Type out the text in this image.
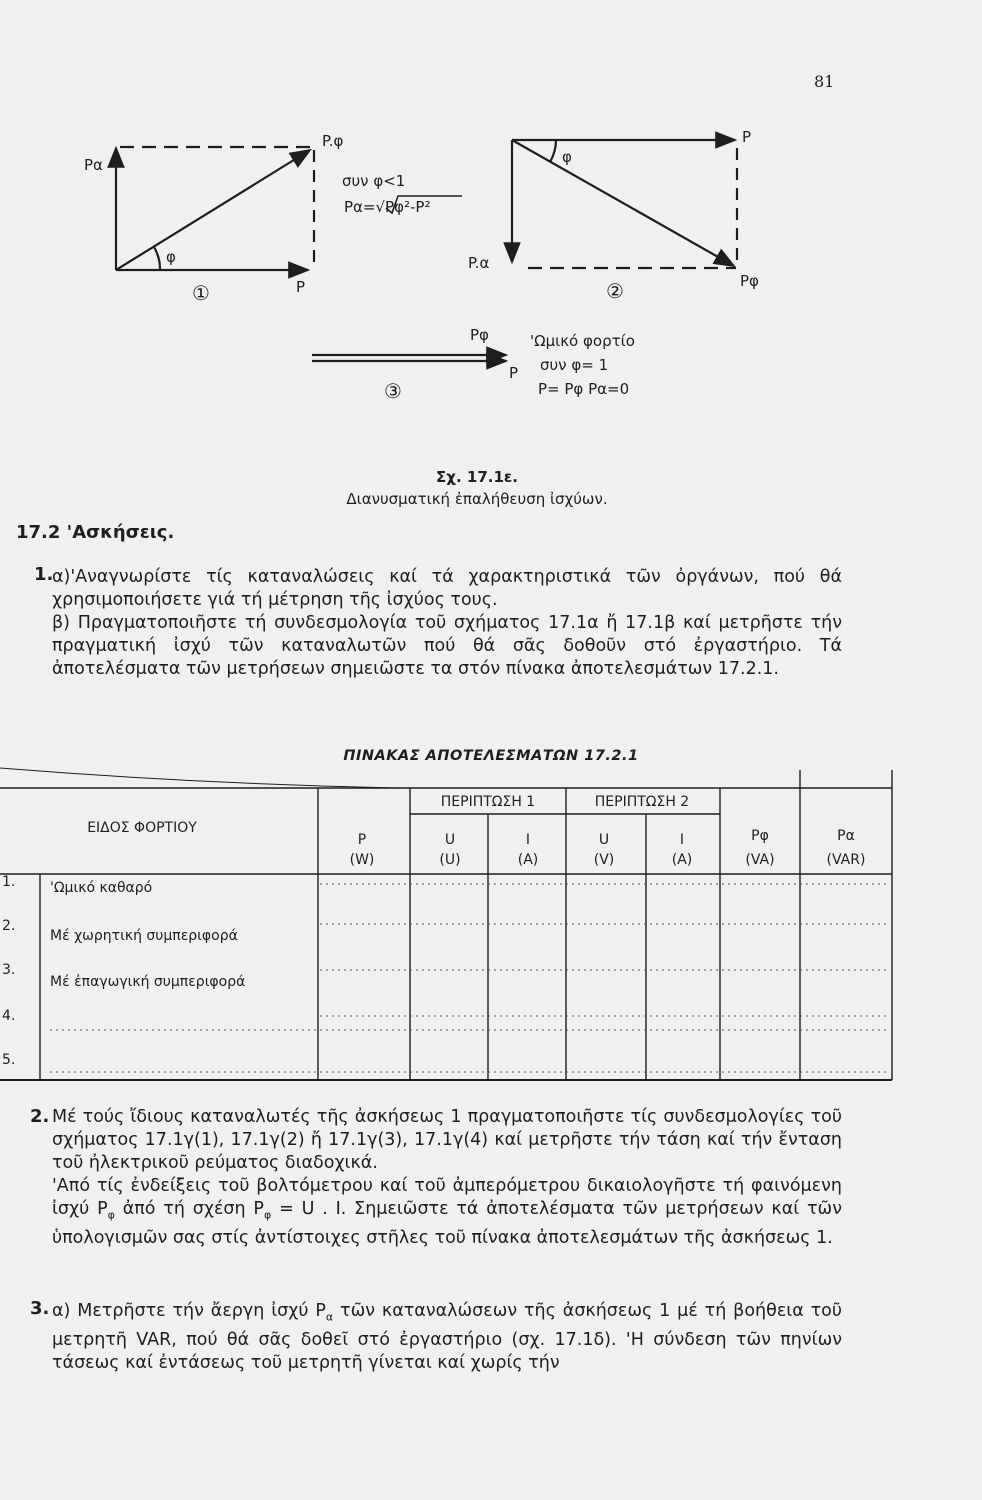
81
Pα
P.φ
P
φ
①
συν φ<1
Pα=√Pφ²-P²
P
P.α
Pφ
φ
②
Pφ
P
③
'Ωμικό φορτίο
συν φ= 1
P= Pφ Pα=0
Σχ. 17.1ε.
Διανυσματική ἐπαλήθευση ἰσχύων.
17.2 'Ασκήσεις.
1.

α)'Αναγνωρίστε τίς καταναλώσεις καί τά χαρακτηριστικά τῶν ὀργάνων, πού θά χρησιμοποιήσετε γιά τή μέτρηση τῆς ἰσχύος τους.

β) Πραγματοποιῆστε τή συνδεσμολογία τοῦ σχήματος 17.1α ἤ 17.1β καί μετρῆστε τήν πραγματική ἰσχύ τῶν καταναλωτῶν πού θά σᾶς δοθοῦν στό ἐργαστήριο. Τά ἀποτελέσματα τῶν μετρήσεων σημειῶστε τα στόν πίνακα ἀποτελεσμάτων 17.2.1.

ΠΙΝΑΚΑΣ ΑΠΟΤΕΛΕΣΜΑΤΩΝ 17.2.1
ΕΙΔΟΣ ΦΟΡΤΙΟΥ
ΠΕΡΙΠΤΩΣΗ 1	ΠΕΡΙΠΤΩΣΗ 2
P
(W)
U
(U)
I
(A)
U
(V)
I
(A)
Pφ
(VA)
Pα
(VAR)
1.
2.
3.
4.
5.
'Ωμικό καθαρό
Μέ χωρητική συμπεριφορά
Μέ ἐπαγωγική συμπεριφορά
2. Μέ τούς ἴδιους καταναλωτές τῆς ἀσκήσεως 1 πραγματοποιῆστε τίς συνδεσμολογίες τοῦ σχήματος 17.1γ(1), 17.1γ(2) ἤ 17.1γ(3), 17.1γ(4) καί μετρῆστε τήν τάση καί τήν ἔνταση τοῦ ἠλεκτρικοῦ ρεύματος διαδοχικά.

'Από τίς ἐνδείξεις τοῦ βολτόμετρου καί τοῦ ἀμπερόμετρου δικαιολογῆστε τή φαινόμενη ἰσχύ $P_\varphi$ ἀπό τή σχέση $P_\varphi = U$ . I. Σημειῶστε τά ἀποτελέσματα τῶν μετρήσεων καί τῶν ὑπολογισμῶν σας στίς ἀντίστοιχες στῆλες τοῦ πίνακα ἀποτελεσμάτων τῆς ἀσκήσεως 1.

3. α) Μετρῆστε τήν ἄεργη ἰσχύ $P_\alpha$ τῶν καταναλώσεων τῆς ἀσκήσεως 1 μέ τή βοήθεια τοῦ μετρητῆ VAR, πού θά σᾶς δοθεῖ στό ἐργαστήριο (σχ. 17.1δ). 'Η σύνδεση τῶν πηνίων τάσεως καί ἐντάσεως τοῦ μετρητῆ γίνεται καί χωρίς τήν
